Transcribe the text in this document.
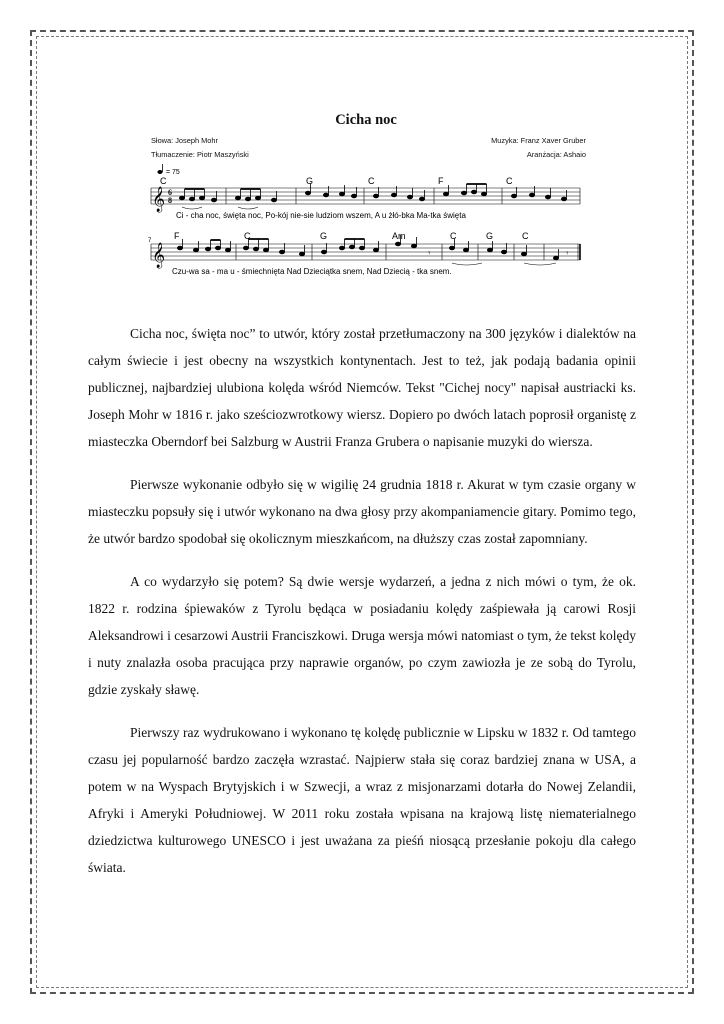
Cicha noc
Słowa: Joseph Mohr	Muzyka: Franz Xaver Gruber
Tłumaczenie: Piotr Maszyński	Aranżacja: Ashaio
= 75
C	G	C	F	C
𝄞 6
8
Ci - cha noc, święta noc, Po-kój nie-sie ludziom wszem, A u żłó-bka Ma-tka święta
F	C	G	Am	C	G	C
7
𝄞	𝄾	𝄾
Czu-wa sa - ma u - śmiechnięta Nad Dzieciątka snem, Nad Dziecią - tka snem.

Cicha noc, święta noc” to utwór, który został przetłumaczony na 300 języków i dialektów na całym świecie i jest obecny na wszystkich kontynentach. Jest to też, jak podają badania opinii publicznej, najbardziej ulubiona kolęda wśród Niemców. Tekst "Cichej nocy" napisał austriacki ks. Joseph Mohr w 1816 r. jako sześciozwrotkowy wiersz. Dopiero po dwóch latach poprosił organistę z miasteczka Oberndorf bei Salzburg w Austrii Franza Grubera o napisanie muzyki do wiersza.

Pierwsze wykonanie odbyło się w wigilię 24 grudnia 1818 r. Akurat w tym czasie organy w miasteczku popsuły się i utwór wykonano na dwa głosy przy akompaniamencie gitary. Pomimo tego, że utwór bardzo spodobał się okolicznym mieszkańcom, na dłuższy czas został zapomniany.

A co wydarzyło się potem? Są dwie wersje wydarzeń, a jedna z nich mówi o tym, że ok. 1822 r. rodzina śpiewaków z Tyrolu będąca w posiadaniu kolędy zaśpiewała ją carowi Rosji Aleksandrowi i cesarzowi Austrii Franciszkowi. Druga wersja mówi natomiast o tym, że tekst kolędy i nuty znalazła osoba pracująca przy naprawie organów, po czym zawiozła je ze sobą do Tyrolu, gdzie zyskały sławę.

Pierwszy raz wydrukowano i wykonano tę kolędę publicznie w Lipsku w 1832 r. Od tamtego czasu jej popularność bardzo zaczęła wzrastać. Najpierw stała się coraz bardziej znana w USA, a potem w na Wyspach Brytyjskich i w Szwecji, a wraz z misjonarzami dotarła do Nowej Zelandii, Afryki i Ameryki Południowej. W 2011 roku została wpisana na krajową listę niematerialnego dziedzictwa kulturowego UNESCO i jest uważana za pieśń niosącą przesłanie pokoju dla całego świata.
